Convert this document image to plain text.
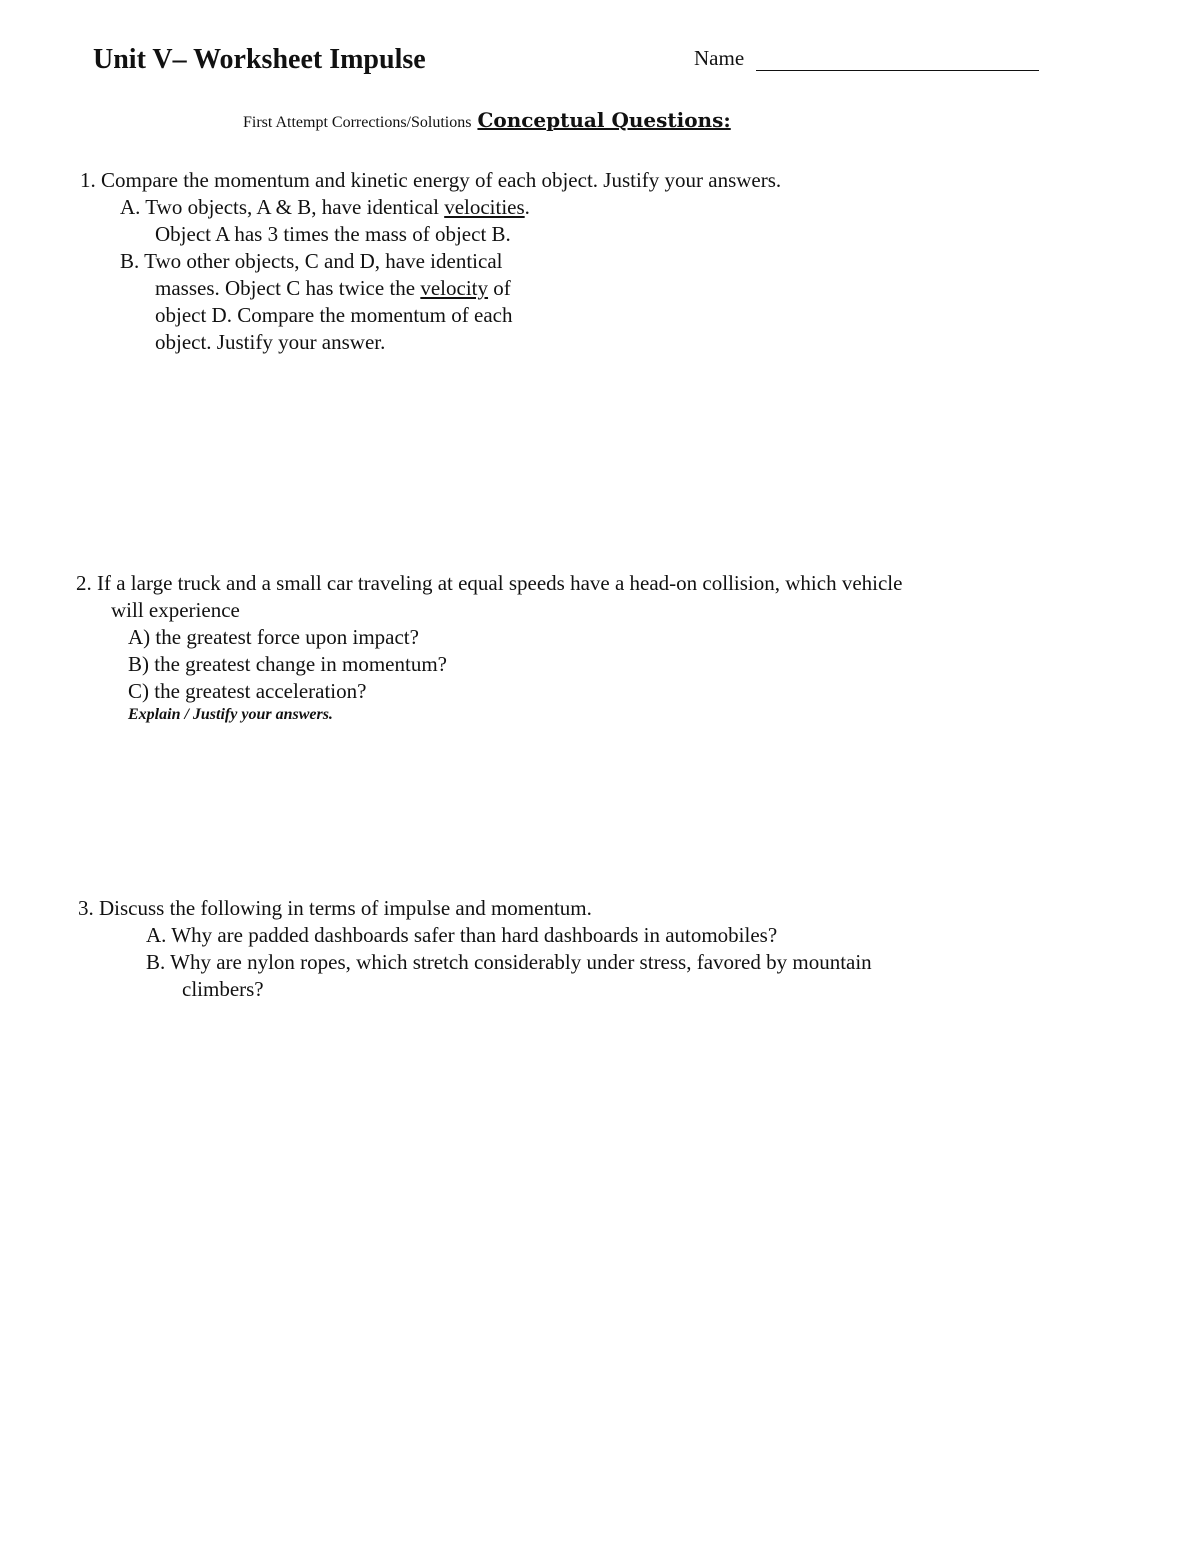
Unit V– Worksheet Impulse	Name
First Attempt Corrections/Solutions Conceptual Questions:
1. Compare the momentum and kinetic energy of each object. Justify your answers.
A. Two objects, A & B, have identical velocities.
Object A has 3 times the mass of object B.
B. Two other objects, C and D, have identical
masses. Object C has twice the velocity of
object D. Compare the momentum of each
object. Justify your answer.
2. If a large truck and a small car traveling at equal speeds have a head-on collision, which vehicle
will experience
A) the greatest force upon impact?
B) the greatest change in momentum?
C) the greatest acceleration?
Explain / Justify your answers.
3. Discuss the following in terms of impulse and momentum.
A. Why are padded dashboards safer than hard dashboards in automobiles?
B. Why are nylon ropes, which stretch considerably under stress, favored by mountain
climbers?
